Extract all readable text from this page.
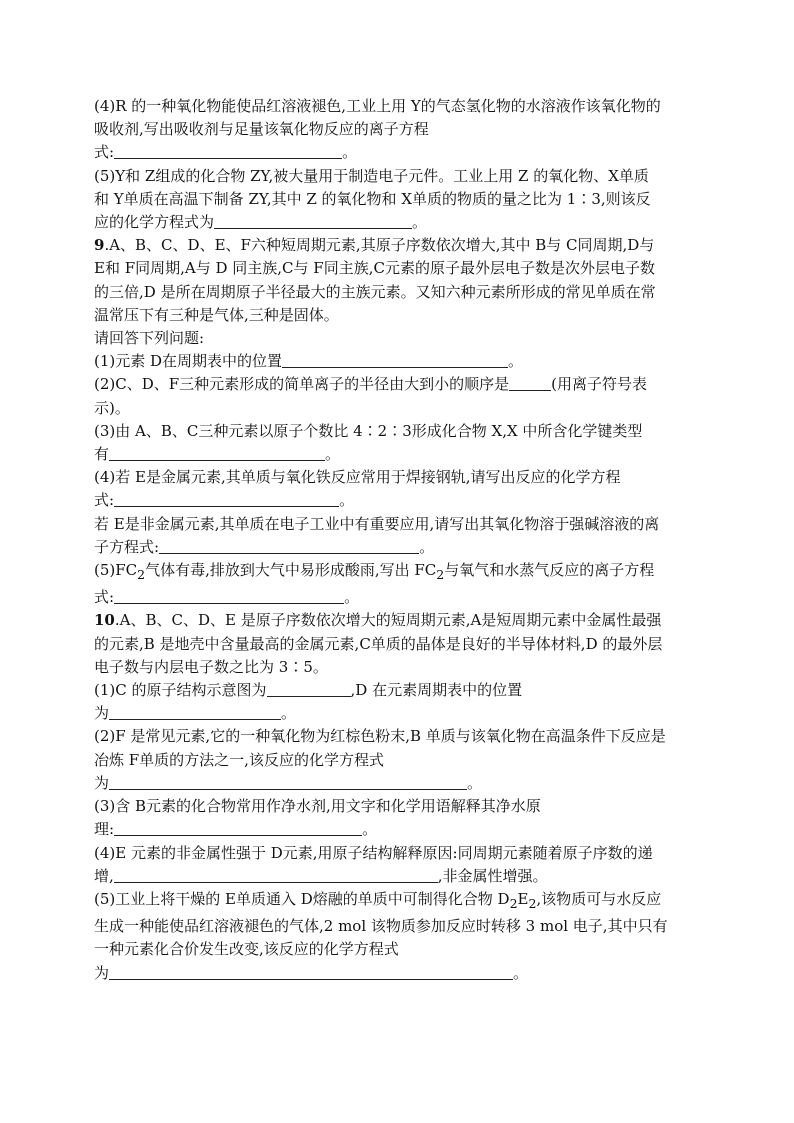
(4)R 的一种氧化物能使品红溶液褪色,工业上用 Y的气态氢化物的水溶液作该氧化物的
吸收剂,写出吸收剂与足量该氧化物反应的离子方程
式:	。
(5)Y和 Z组成的化合物 ZY,被大量用于制造电子元件。工业上用 Z 的氧化物、X单质
和 Y单质在高温下制备 ZY,其中 Z 的氧化物和 X单质的物质的量之比为 1∶3,则该反
应的化学方程式为	。
9.A、B、C、D、E、F六种短周期元素,其原子序数依次增大,其中 B与 C同周期,D与
E和 F同周期,A与 D 同主族,C与 F同主族,C元素的原子最外层电子数是次外层电子数
的三倍,D 是所在周期原子半径最大的主族元素。又知六种元素所形成的常见单质在常
温常压下有三种是气体,三种是固体。
请回答下列问题:
(1)元素 D在周期表中的位置	。
(2)C、D、F三种元素形成的简单离子的半径由大到小的顺序是	(用离子符号表
示)。
(3)由 A、B、C三种元素以原子个数比 4∶2∶3形成化合物 X,X 中所含化学键类型
有	。
(4)若 E是金属元素,其单质与氧化铁反应常用于焊接钢轨,请写出反应的化学方程
式:	。
若 E是非金属元素,其单质在电子工业中有重要应用,请写出其氧化物溶于强碱溶液的离
子方程式:	。
$(5)FC_2$气体有毒,排放到大气中易形成酸雨,写出 $FC_2$与氧气和水蒸气反应的离子方程
式:	。
10.A、B、C、D、E 是原子序数依次增大的短周期元素,A是短周期元素中金属性最强
的元素,B 是地壳中含量最高的金属元素,C单质的晶体是良好的半导体材料,D 的最外层
电子数与内层电子数之比为 3∶5。
(1)C 的原子结构示意图为	,D 在元素周期表中的位置
为	。
(2)F 是常见元素,它的一种氧化物为红棕色粉末,B 单质与该氧化物在高温条件下反应是
冶炼 F单质的方法之一,该反应的化学方程式
为	。
(3)含 B元素的化合物常用作净水剂,用文字和化学用语解释其净水原
理:	。
(4)E 元素的非金属性强于 D元素,用原子结构解释原因:同周期元素随着原子序数的递
增,	,非金属性增强。
(5)工业上将干燥的 E单质通入 D熔融的单质中可制得化合物 $D_2E_2$,该物质可与水反应
生成一种能使品红溶液褪色的气体,2 mol 该物质参加反应时转移 3 mol 电子,其中只有
一种元素化合价发生改变,该反应的化学方程式
为	。
